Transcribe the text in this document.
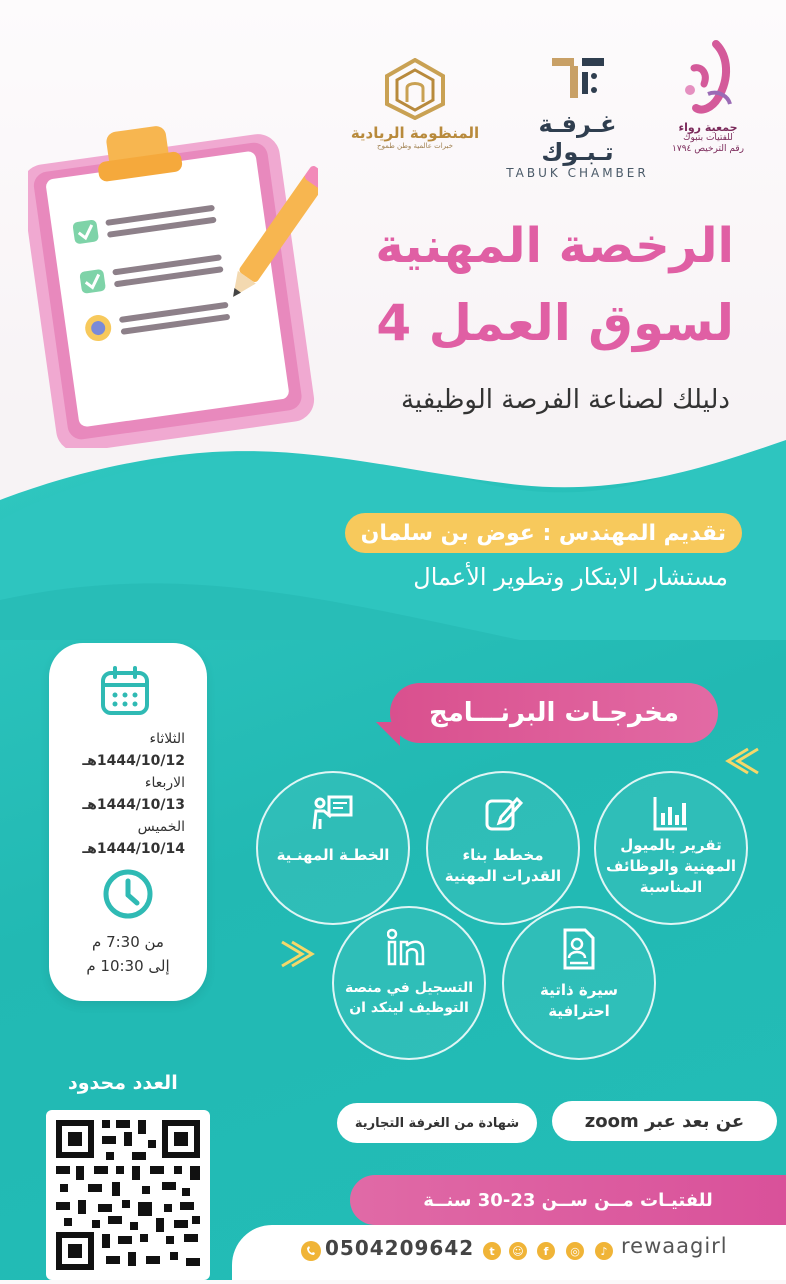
جمعية رواء
للفتيات بتبوك
رقم الترخيص ١٧٩٤
غـرفـة تـبـوك
TABUK CHAMBER
المنظومة الريادية
خبرات عالمية وطن طموح
الرخصة المهنية
لسوق العمل 4
دليلك لصناعة الفرصة الوظيفية
تقديم المهندس : عوض بن سلمان
مستشار الابتكار وتطوير الأعمال
الثلاثاء
1444/10/12هـ
الاربعاء
1444/10/13هـ
الخميس
1444/10/14هـ
من 7:30 م
إلى 10:30 م
مخرجـات البرنـــامج
تقرير بالميول المهنية والوظائف المناسبة
مخطط بناء القدرات المهنية
الخطـة المهنـية
سيرة ذاتية احترافية
التسجيل في منصة التوظيف لينكد ان
العدد محدود
عن بعد عبر zoom
شهادة من الغرفة التجارية
للفتيـات مــن ســن 23-30 سنــة
0504209642	t	☺	f	◎	♪ rewaagirl
